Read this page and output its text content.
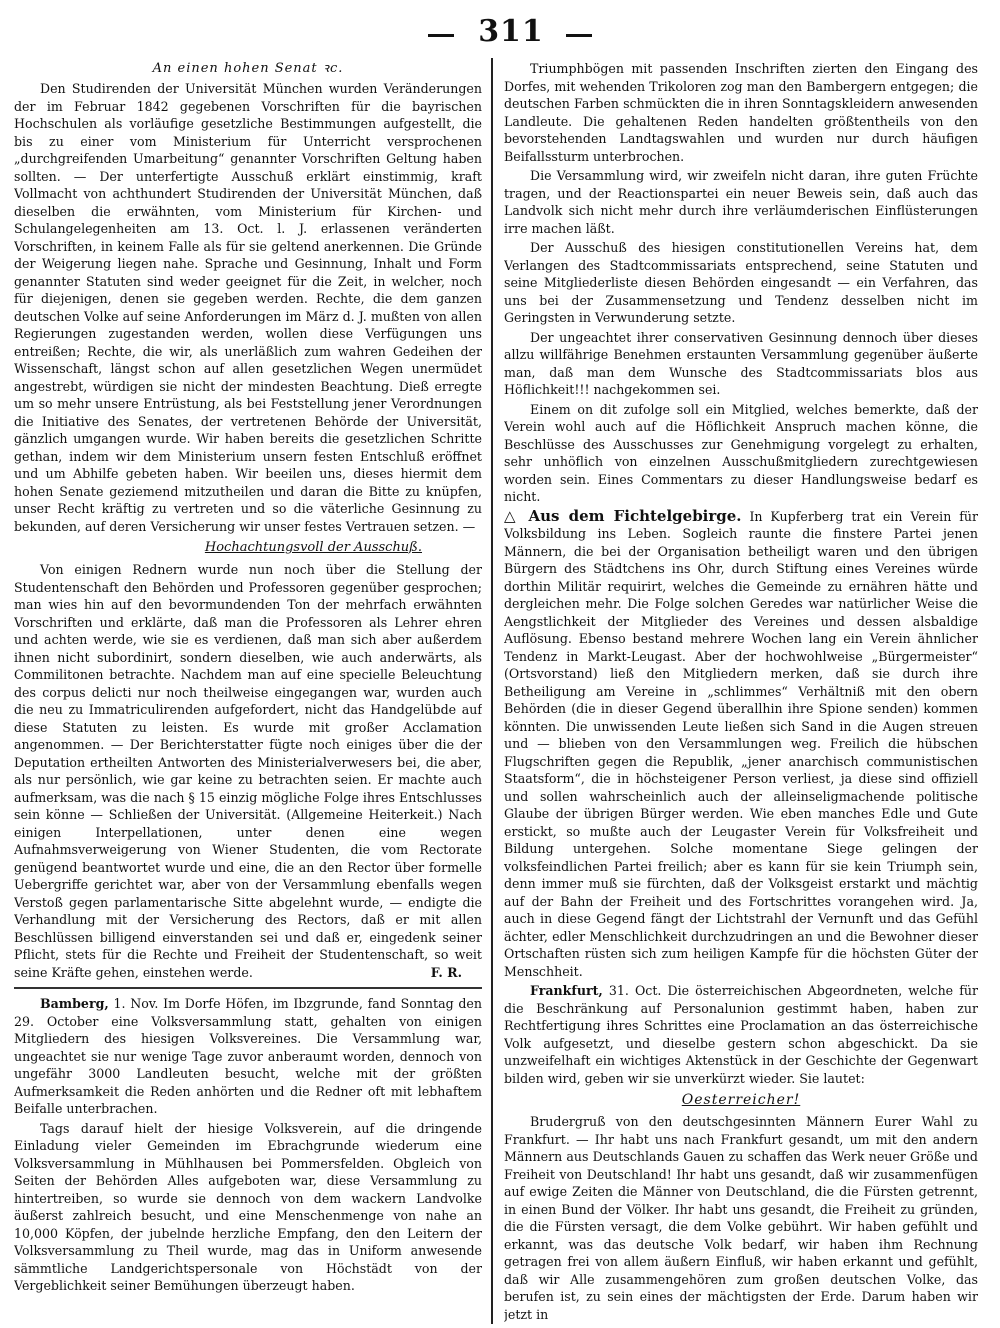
311
An einen hohen Senat ꝛc.

Den Studirenden der Universität München wurden Veränderungen der im Februar 1842 gegebenen Vorschriften für die bayrischen Hochschulen als vorläufige gesetzliche Bestimmungen aufgestellt, die bis zu einer vom Ministerium für Unterricht versprochenen „durchgreifenden Umarbeitung“ genannter Vorschriften Geltung haben sollten. — Der unterfertigte Ausschuß erklärt einstimmig, kraft Vollmacht von achthundert Studirenden der Universität München, daß dieselben die erwähnten, vom Ministerium für Kirchen- und Schulangelegenheiten am 13. Oct. l. J. erlassenen veränderten Vorschriften, in keinem Falle als für sie geltend anerkennen. Die Gründe der Weigerung liegen nahe. Sprache und Gesinnung, Inhalt und Form genannter Statuten sind weder geeignet für die Zeit, in welcher, noch für diejenigen, denen sie gegeben werden. Rechte, die dem ganzen deutschen Volke auf seine Anforderungen im März d. J. mußten von allen Regierungen zugestanden werden, wollen diese Verfügungen uns entreißen; Rechte, die wir, als unerläßlich zum wahren Gedeihen der Wissenschaft, längst schon auf allen gesetzlichen Wegen unermüdet angestrebt, würdigen sie nicht der mindesten Beachtung. Dieß erregte um so mehr unsere Entrüstung, als bei Feststellung jener Verordnungen die Initiative des Senates, der vertretenen Behörde der Universität, gänzlich umgangen wurde. Wir haben bereits die gesetzlichen Schritte gethan, indem wir dem Ministerium unsern festen Entschluß eröffnet und um Abhilfe gebeten haben. Wir beeilen uns, dieses hiermit dem hohen Senate geziemend mitzutheilen und daran die Bitte zu knüpfen, unser Recht kräftig zu vertreten und so die väterliche Gesinnung zu bekunden, auf deren Versicherung wir unser festes Vertrauen setzen. —

Hochachtungsvoll der Ausschuß.

Von einigen Rednern wurde nun noch über die Stellung der Studentenschaft den Behörden und Professoren gegenüber gesprochen; man wies hin auf den bevormundenden Ton der mehrfach erwähnten Vorschriften und erklärte, daß man die Professoren als Lehrer ehren und achten werde, wie sie es verdienen, daß man sich aber außerdem ihnen nicht subordinirt, sondern dieselben, wie auch anderwärts, als Commilitonen betrachte. Nachdem man auf eine specielle Beleuchtung des corpus delicti nur noch theilweise eingegangen war, wurden auch die neu zu Immatriculirenden aufgefordert, nicht das Handgelübde auf diese Statuten zu leisten. Es wurde mit großer Acclamation angenommen. — Der Berichterstatter fügte noch einiges über die der Deputation ertheilten Antworten des Ministerialverwesers bei, die aber, als nur persönlich, wie gar keine zu betrachten seien. Er machte auch aufmerksam, was die nach § 15 einzig mögliche Folge ihres Entschlusses sein könne — Schließen der Universität. (Allgemeine Heiterkeit.) Nach einigen Interpellationen, unter denen eine wegen Aufnahmsverweigerung von Wiener Studenten, die vom Rectorate genügend beantwortet wurde und eine, die an den Rector über formelle Uebergriffe gerichtet war, aber von der Versammlung ebenfalls wegen Verstoß gegen parlamentarische Sitte abgelehnt wurde, — endigte die Verhandlung mit der Versicherung des Rectors, daß er mit allen Beschlüssen billigend einverstanden sei und daß er, eingedenk seiner Pflicht, stets für die Rechte und Freiheit der Studentenschaft, so weit seine Kräfte gehen, einstehen werde.	F. R.

Bamberg, 1. Nov. Im Dorfe Höfen, im Ibzgrunde, fand Sonntag den 29. October eine Volksversammlung statt, gehalten von einigen Mitgliedern des hiesigen Volksvereines. Die Versammlung war, ungeachtet sie nur wenige Tage zuvor anberaumt worden, dennoch von ungefähr 3000 Landleuten besucht, welche mit der größten Aufmerksamkeit die Reden anhörten und die Redner oft mit lebhaftem Beifalle unterbrachen.

Tags darauf hielt der hiesige Volksverein, auf die dringende Einladung vieler Gemeinden im Ebrachgrunde wiederum eine Volksversammlung in Mühlhausen bei Pommersfelden. Obgleich von Seiten der Behörden Alles aufgeboten war, diese Versammlung zu hintertreiben, so wurde sie dennoch von dem wackern Landvolke äußerst zahlreich besucht, und eine Menschenmenge von nahe an 10,000 Köpfen, der jubelnde herzliche Empfang, den den Leitern der Volksversammlung zu Theil wurde, mag das in Uniform anwesende sämmtliche Landgerichtspersonale von Höchstädt von der Vergeblichkeit seiner Bemühungen überzeugt haben.

Triumphbögen mit passenden Inschriften zierten den Eingang des Dorfes, mit wehenden Trikoloren zog man den Bambergern entgegen; die deutschen Farben schmückten die in ihren Sonntagskleidern anwesenden Landleute. Die gehaltenen Reden handelten größtentheils von den bevorstehenden Landtagswahlen und wurden nur durch häufigen Beifallssturm unterbrochen.

Die Versammlung wird, wir zweifeln nicht daran, ihre guten Früchte tragen, und der Reactionspartei ein neuer Beweis sein, daß auch das Landvolk sich nicht mehr durch ihre verläumderischen Einflüsterungen irre machen läßt.

Der Ausschuß des hiesigen constitutionellen Vereins hat, dem Verlangen des Stadtcommissariats entsprechend, seine Statuten und seine Mitgliederliste diesen Behörden eingesandt — ein Verfahren, das uns bei der Zusammensetzung und Tendenz desselben nicht im Geringsten in Verwunderung setzte.

Der ungeachtet ihrer conservativen Gesinnung dennoch über dieses allzu willfährige Benehmen erstaunten Versammlung gegenüber äußerte man, daß man dem Wunsche des Stadtcommissariats blos aus Höflichkeit!!! nachgekommen sei.

Einem on dit zufolge soll ein Mitglied, welches bemerkte, daß der Verein wohl auch auf die Höflichkeit Anspruch machen könne, die Beschlüsse des Ausschusses zur Genehmigung vorgelegt zu erhalten, sehr unhöflich von einzelnen Ausschußmitgliedern zurechtgewiesen worden sein. Eines Commentars zu dieser Handlungsweise bedarf es nicht.

△ Aus dem Fichtelgebirge. In Kupferberg trat ein Verein für Volksbildung ins Leben. Sogleich raunte die finstere Partei jenen Männern, die bei der Organisation betheiligt waren und den übrigen Bürgern des Städtchens ins Ohr, durch Stiftung eines Vereines würde dorthin Militär requirirt, welches die Gemeinde zu ernähren hätte und dergleichen mehr. Die Folge solchen Geredes war natürlicher Weise die Aengstlichkeit der Mitglieder des Vereines und dessen alsbaldige Auflösung. Ebenso bestand mehrere Wochen lang ein Verein ähnlicher Tendenz in Markt-Leugast. Aber der hochwohlweise „Bürgermeister“ (Ortsvorstand) ließ den Mitgliedern merken, daß sie durch ihre Betheiligung am Vereine in „schlimmes“ Verhältniß mit den obern Behörden (die in dieser Gegend überallhin ihre Spione senden) kommen könnten. Die unwissenden Leute ließen sich Sand in die Augen streuen und — blieben von den Versammlungen weg. Freilich die hübschen Flugschriften gegen die Republik, „jener anarchisch communistischen Staatsform“, die in höchsteigener Person verliest, ja diese sind offiziell und sollen wahrscheinlich auch der alleinseligmachende politische Glaube der übrigen Bürger werden. Wie eben manches Edle und Gute erstickt, so mußte auch der Leugaster Verein für Volksfreiheit und Bildung untergehen. Solche momentane Siege gelingen der volksfeindlichen Partei freilich; aber es kann für sie kein Triumph sein, denn immer muß sie fürchten, daß der Volksgeist erstarkt und mächtig auf der Bahn der Freiheit und des Fortschrittes vorangehen wird. Ja, auch in diese Gegend fängt der Lichtstrahl der Vernunft und das Gefühl ächter, edler Menschlichkeit durchzudringen an und die Bewohner dieser Ortschaften rüsten sich zum heiligen Kampfe für die höchsten Güter der Menschheit.

Frankfurt, 31. Oct. Die österreichischen Abgeordneten, welche für die Beschränkung auf Personalunion gestimmt haben, haben zur Rechtfertigung ihres Schrittes eine Proclamation an das österreichische Volk aufgesetzt, und dieselbe gestern schon abgeschickt. Da sie unzweifelhaft ein wichtiges Aktenstück in der Geschichte der Gegenwart bilden wird, geben wir sie unverkürzt wieder. Sie lautet:

Oesterreicher!

Brudergruß von den deutschgesinnten Männern Eurer Wahl zu Frankfurt. — Ihr habt uns nach Frankfurt gesandt, um mit den andern Männern aus Deutschlands Gauen zu schaffen das Werk neuer Größe und Freiheit von Deutschland! Ihr habt uns gesandt, daß wir zusammenfügen auf ewige Zeiten die Männer von Deutschland, die die Fürsten getrennt, in einen Bund der Völker. Ihr habt uns gesandt, die Freiheit zu gründen, die die Fürsten versagt, die dem Volke gebührt. Wir haben gefühlt und erkannt, was das deutsche Volk bedarf, wir haben ihm Rechnung getragen frei von allem äußern Einfluß, wir haben erkannt und gefühlt, daß wir Alle zusammengehören zum großen deutschen Volke, das berufen ist, zu sein eines der mächtigsten der Erde. Darum haben wir jetzt in
